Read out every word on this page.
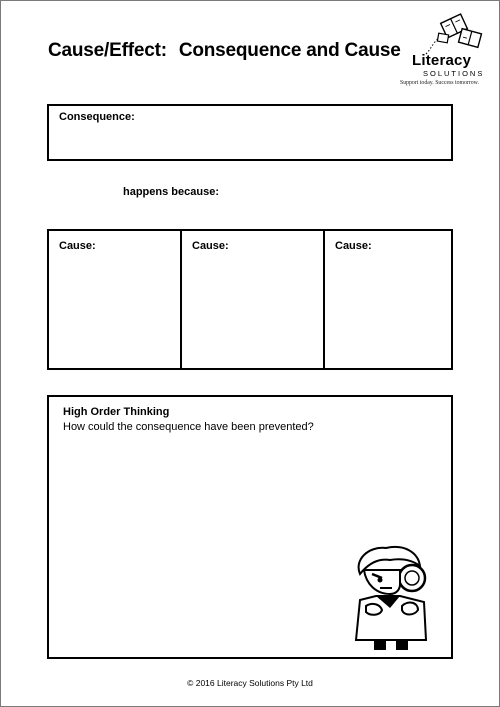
Cause/Effect: Consequence and Cause Literacy
SOLUTIONS
Support today. Success tomorrow.
Consequence:
happens because:
Cause:	Cause:	Cause:
High Order Thinking
How could the consequence have been prevented?
© 2016 Literacy Solutions Pty Ltd
